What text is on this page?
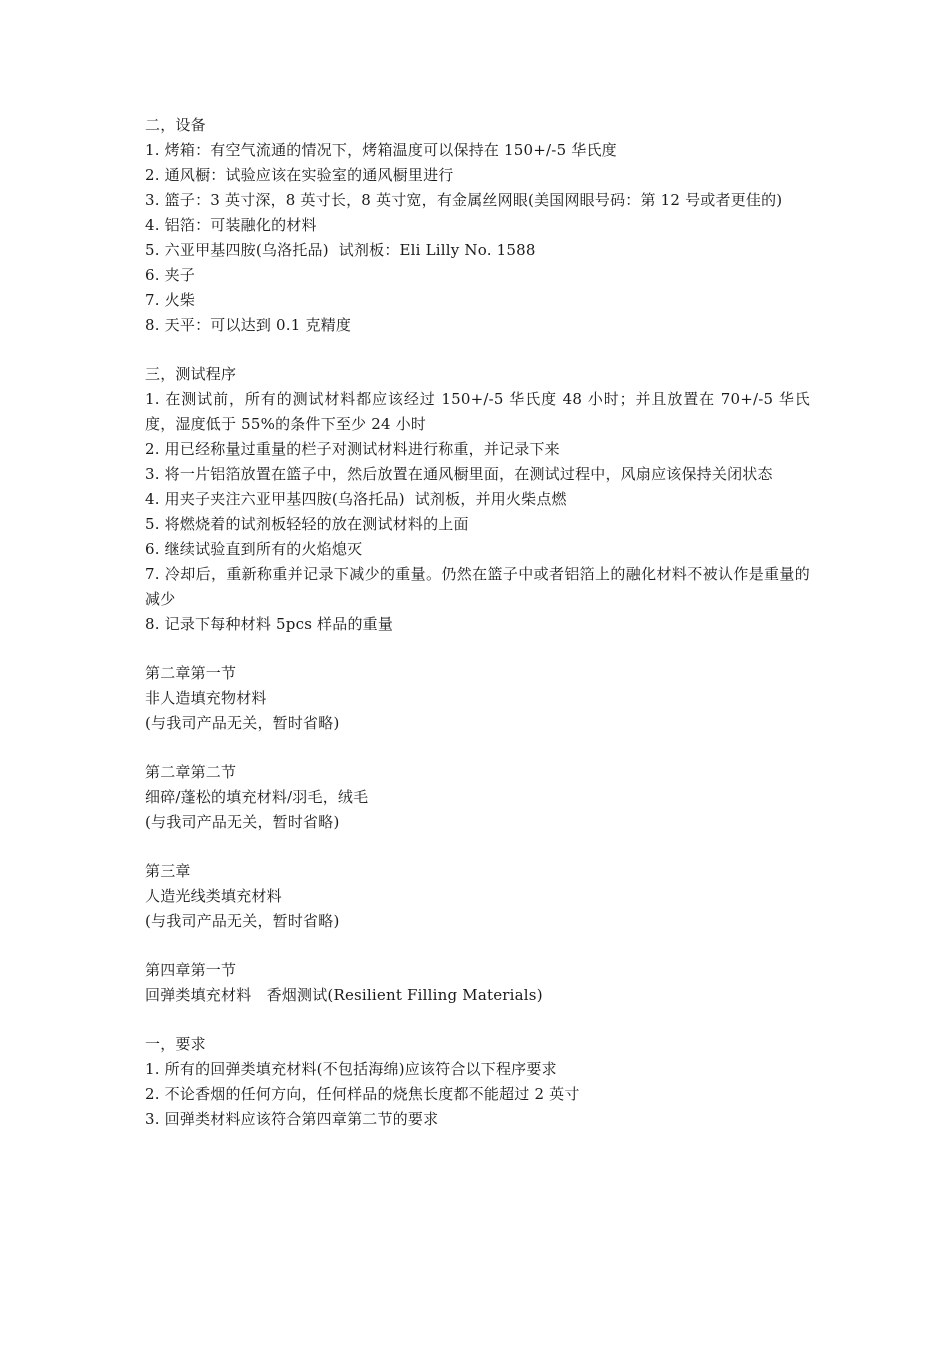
二，设备
1. 烤箱：有空气流通的情况下，烤箱温度可以保持在 150+/-5 华氏度
2. 通风橱：试验应该在实验室的通风橱里进行
3. 篮子：3 英寸深，8 英寸长，8 英寸宽，有金属丝网眼(美国网眼号码：第 12 号或者更佳的)
4. 铝箔：可装融化的材料
5. 六亚甲基四胺(乌洛托品)  试剂板：Eli Lilly No. 1588
6. 夹子
7. 火柴
8. 天平：可以达到 0.1 克精度
三，测试程序
1. 在测试前，所有的测试材料都应该经过 150+/-5 华氏度 48 小时；并且放置在 70+/-5 华氏度，湿度低于 55%的条件下至少 24 小时
2. 用已经称量过重量的栏子对测试材料进行称重，并记录下来
3. 将一片铝箔放置在篮子中，然后放置在通风橱里面，在测试过程中，风扇应该保持关闭状态
4. 用夹子夹注六亚甲基四胺(乌洛托品)  试剂板，并用火柴点燃
5. 将燃烧着的试剂板轻轻的放在测试材料的上面
6. 继续试验直到所有的火焰熄灭
7. 冷却后，重新称重并记录下减少的重量。仍然在篮子中或者铝箔上的融化材料不被认作是重量的减少
8. 记录下每种材料 5pcs 样品的重量
第二章第一节
非人造填充物材料
(与我司产品无关，暂时省略)
第二章第二节
细碎/蓬松的填充材料/羽毛，绒毛
(与我司产品无关，暂时省略)
第三章
人造光线类填充材料
(与我司产品无关，暂时省略)
第四章第一节
回弹类填充材料　香烟测试(Resilient Filling Materials)
一，要求
1. 所有的回弹类填充材料(不包括海绵)应该符合以下程序要求
2. 不论香烟的任何方向，任何样品的烧焦长度都不能超过 2 英寸
3. 回弹类材料应该符合第四章第二节的要求
